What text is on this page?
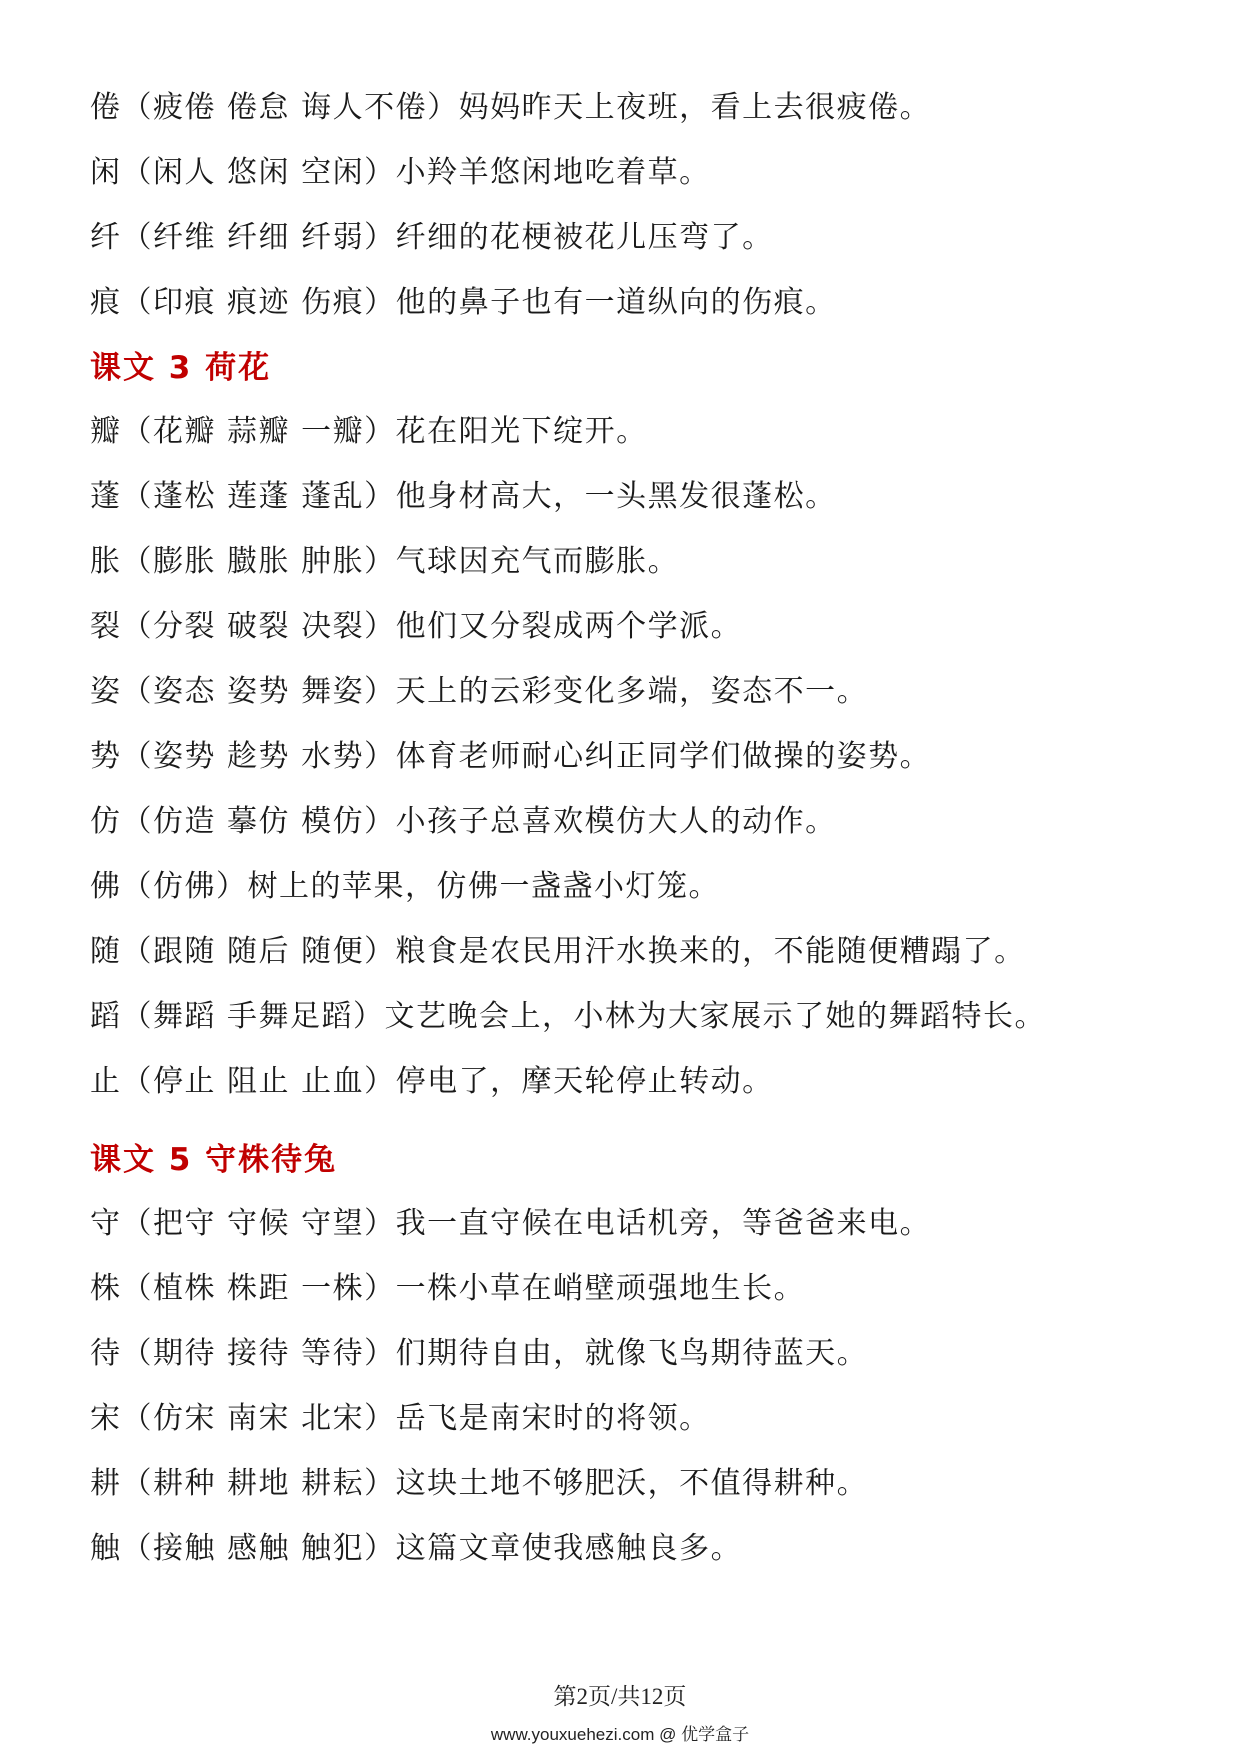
倦（疲倦 倦怠 诲人不倦）妈妈昨天上夜班，看上去很疲倦。
闲（闲人 悠闲 空闲）小羚羊悠闲地吃着草。
纤（纤维 纤细 纤弱）纤细的花梗被花儿压弯了。
痕（印痕 痕迹 伤痕）他的鼻子也有一道纵向的伤痕。
课文 3 荷花
瓣（花瓣 蒜瓣 一瓣）花在阳光下绽开。
蓬（蓬松 莲蓬 蓬乱）他身材高大，一头黑发很蓬松。
胀（膨胀 臌胀 肿胀）气球因充气而膨胀。
裂（分裂 破裂 决裂）他们又分裂成两个学派。
姿（姿态 姿势 舞姿）天上的云彩变化多端，姿态不一。
势（姿势 趁势 水势）体育老师耐心纠正同学们做操的姿势。
仿（仿造 摹仿 模仿）小孩子总喜欢模仿大人的动作。
佛（仿佛）树上的苹果，仿佛一盏盏小灯笼。
随（跟随 随后 随便）粮食是农民用汗水换来的，不能随便糟蹋了。
蹈（舞蹈 手舞足蹈）文艺晚会上，小林为大家展示了她的舞蹈特长。
止（停止 阻止 止血）停电了，摩天轮停止转动。
课文 5 守株待兔
守（把守 守候 守望）我一直守候在电话机旁，等爸爸来电。
株（植株 株距 一株）一株小草在峭壁顽强地生长。
待（期待 接待 等待）们期待自由，就像飞鸟期待蓝天。
宋（仿宋 南宋 北宋）岳飞是南宋时的将领。
耕（耕种 耕地 耕耘）这块土地不够肥沃，不值得耕种。
触（接触 感触 触犯）这篇文章使我感触良多。
第2页/共12页
www.youxuehezi.com @ 优学盒子
